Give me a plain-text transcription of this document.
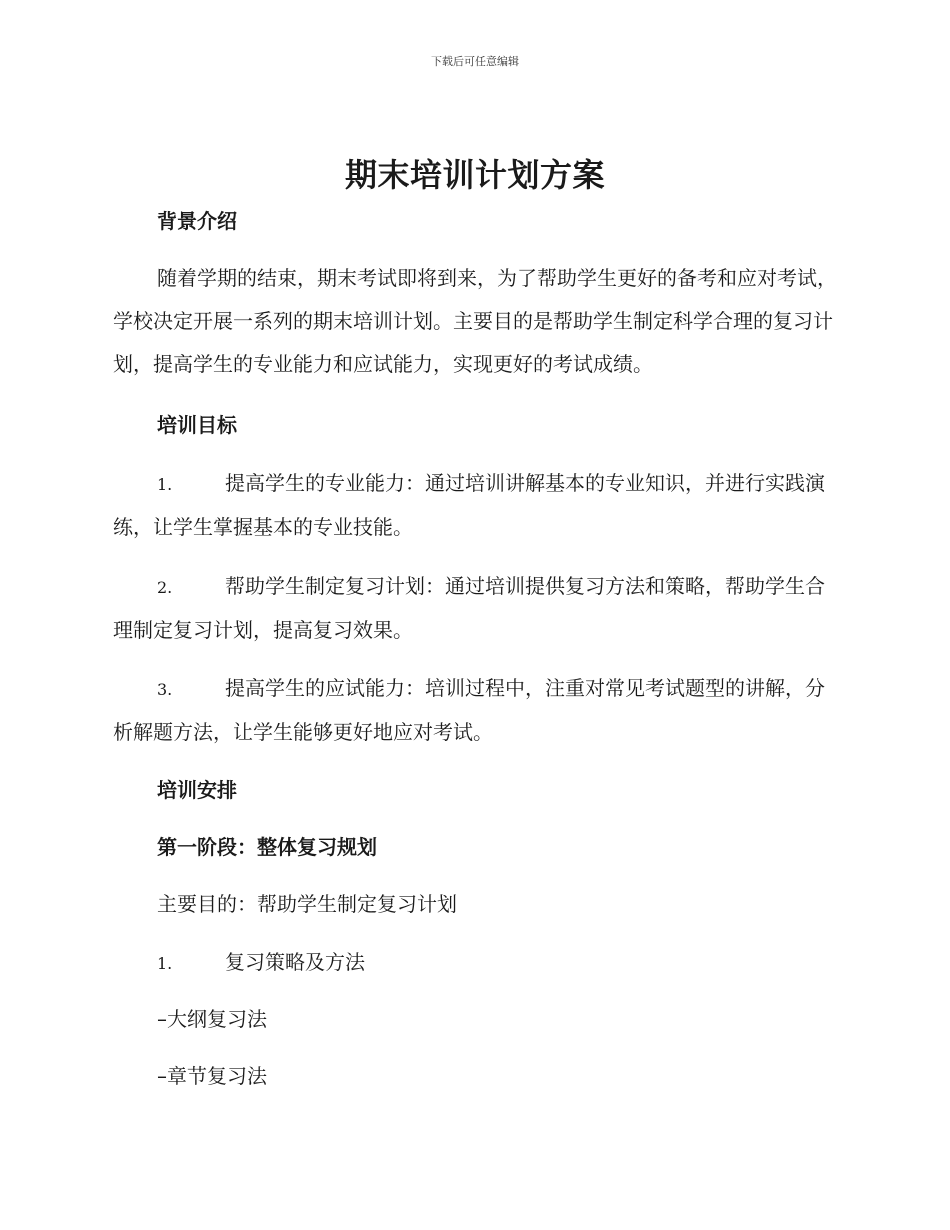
下载后可任意编辑
期末培训计划方案
背景介绍
随着学期的结束，期末考试即将到来，为了帮助学生更好的备考和应对考试，学校决定开展一系列的期末培训计划。主要目的是帮助学生制定科学合理的复习计划，提高学生的专业能力和应试能力，实现更好的考试成绩。
培训目标
1.	提高学生的专业能力：通过培训讲解基本的专业知识，并进行实践演练，让学生掌握基本的专业技能。
2.	帮助学生制定复习计划：通过培训提供复习方法和策略，帮助学生合理制定复习计划，提高复习效果。
3.	提高学生的应试能力：培训过程中，注重对常见考试题型的讲解，分析解题方法，让学生能够更好地应对考试。
培训安排
第一阶段：整体复习规划
主要目的：帮助学生制定复习计划
1.	复习策略及方法
–大纲复习法
–章节复习法
